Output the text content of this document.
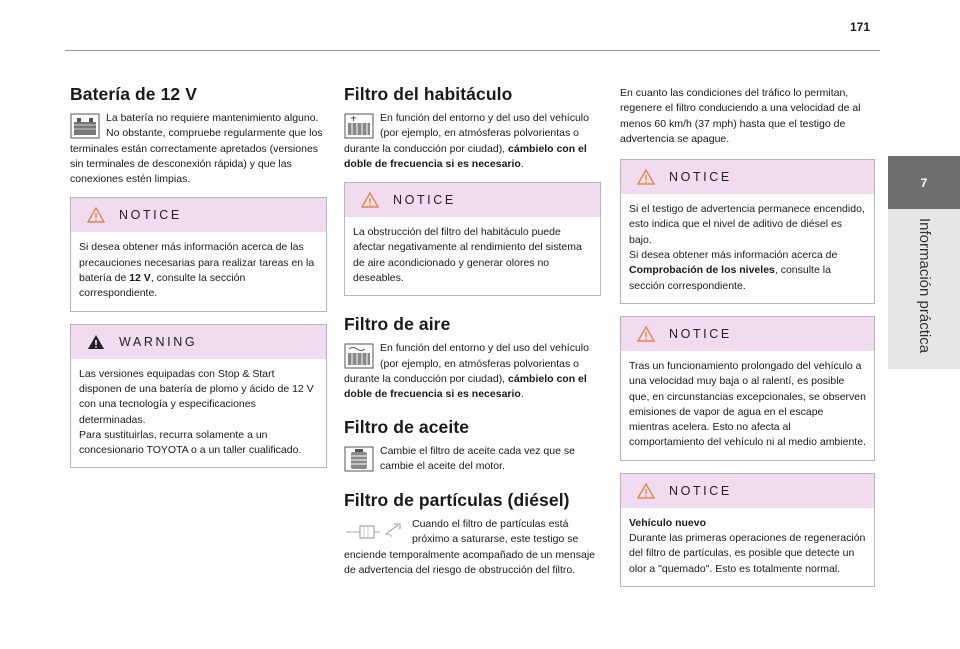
171
7
Información práctica
Batería de 12 V
La batería no requiere mantenimiento alguno. No obstante, compruebe regularmente que los terminales están correctamente apretados (versiones sin terminales de desconexión rápida) y que las conexiones estén limpias.
NOTICE
Si desea obtener más información acerca de las precauciones necesarias para realizar tareas en la batería de 12 V, consulte la sección correspondiente.
WARNING
Las versiones equipadas con Stop & Start disponen de una batería de plomo y ácido de 12 V con una tecnología y especificaciones determinadas.
Para sustituirlas, recurra solamente a un concesionario TOYOTA o a un taller cualificado.
Filtro del habitáculo
En función del entorno y del uso del vehículo (por ejemplo, en atmósferas polvorientas o durante la conducción por ciudad), cámbielo con el doble de frecuencia si es necesario.
NOTICE
La obstrucción del filtro del habitáculo puede afectar negativamente al rendimiento del sistema de aire acondicionado y generar olores no deseables.
Filtro de aire
En función del entorno y del uso del vehículo (por ejemplo, en atmósferas polvorientas o durante la conducción por ciudad), cámbielo con el doble de frecuencia si es necesario.
Filtro de aceite
Cambie el filtro de aceite cada vez que se cambie el aceite del motor.
Filtro de partículas (diésel)
Cuando el filtro de partículas está próximo a saturarse, este testigo se enciende temporalmente acompañado de un mensaje de advertencia del riesgo de obstrucción del filtro.

En cuanto las condiciones del tráfico lo permitan, regenere el filtro conduciendo a una velocidad de al menos 60 km/h (37 mph) hasta que el testigo de advertencia se apague.

NOTICE
Si el testigo de advertencia permanece encendido, esto indica que el nivel de aditivo de diésel es bajo.
Si desea obtener más información acerca de Comprobación de los niveles, consulte la sección correspondiente.
NOTICE
Tras un funcionamiento prolongado del vehículo a una velocidad muy baja o al ralentí, es posible que, en circunstancias excepcionales, se observen emisiones de vapor de agua en el escape mientras acelera. Esto no afecta al comportamiento del vehículo ni al medio ambiente.
NOTICE
Vehículo nuevo
Durante las primeras operaciones de regeneración del filtro de partículas, es posible que detecte un olor a "quemado". Esto es totalmente normal.
